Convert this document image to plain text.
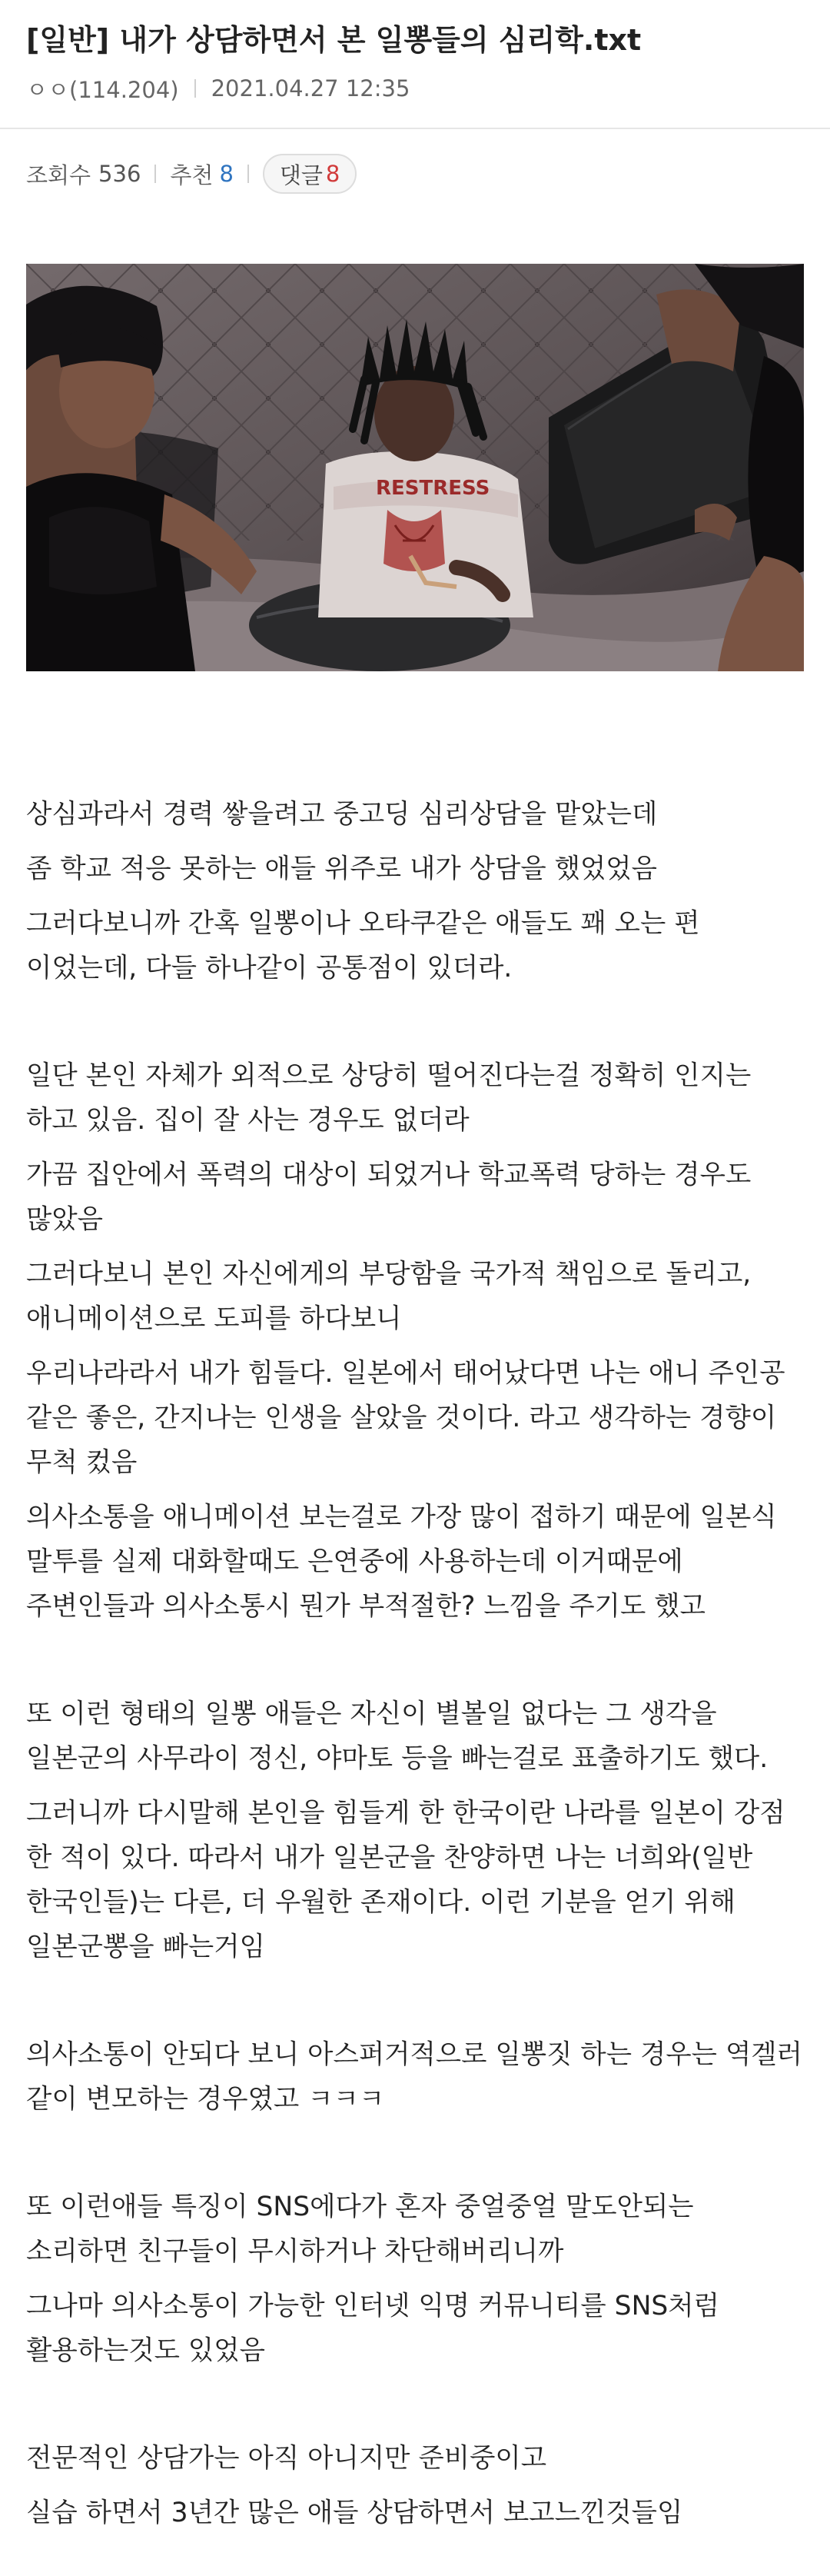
[일반] 내가 상담하면서 본 일뽕들의 심리학.txt
ㅇㅇ(114.204) 2021.04.27 12:35
조회수 536 추천 8 댓글 8
RESTRESS

상심과라서 경력 쌓을려고 중고딩 심리상담을 맡았는데

좀 학교 적응 못하는 애들 위주로 내가 상담을 했었었음

그러다보니까 간혹 일뽕이나 오타쿠같은 애들도 꽤 오는 편 이었는데, 다들 하나같이 공통점이 있더라.

일단 본인 자체가 외적으로 상당히 떨어진다는걸 정확히 인지는 하고 있음. 집이 잘 사는 경우도 없더라

가끔 집안에서 폭력의 대상이 되었거나 학교폭력 당하는 경우도 많았음

그러다보니 본인 자신에게의 부당함을 국가적 책임으로 돌리고, 애니메이션으로 도피를 하다보니

우리나라라서 내가 힘들다. 일본에서 태어났다면 나는 애니 주인공 같은 좋은, 간지나는 인생을 살았을 것이다. 라고 생각하는 경향이 무척 컸음

의사소통을 애니메이션 보는걸로 가장 많이 접하기 때문에 일본식 말투를 실제 대화할때도 은연중에 사용하는데 이거때문에 주변인들과 의사소통시 뭔가 부적절한? 느낌을 주기도 했고

또 이런 형태의 일뽕 애들은 자신이 별볼일 없다는 그 생각을 일본군의 사무라이 정신, 야마토 등을 빠는걸로 표출하기도 했다.

그러니까 다시말해 본인을 힘들게 한 한국이란 나라를 일본이 강점 한 적이 있다. 따라서 내가 일본군을 찬양하면 나는 너희와(일반 한국인들)는 다른, 더 우월한 존재이다. 이런 기분을 얻기 위해 일본군뽕을 빠는거임

의사소통이 안되다 보니 아스퍼거적으로 일뽕짓 하는 경우는 역겔러 같이 변모하는 경우였고 ㅋㅋㅋ

또 이런애들 특징이 SNS에다가 혼자 중얼중얼 말도안되는 소리하면 친구들이 무시하거나 차단해버리니까

그나마 의사소통이 가능한 인터넷 익명 커뮤니티를 SNS처럼 활용하는것도 있었음

전문적인 상담가는 아직 아니지만 준비중이고

실습 하면서 3년간 많은 애들 상담하면서 보고느낀것들임
